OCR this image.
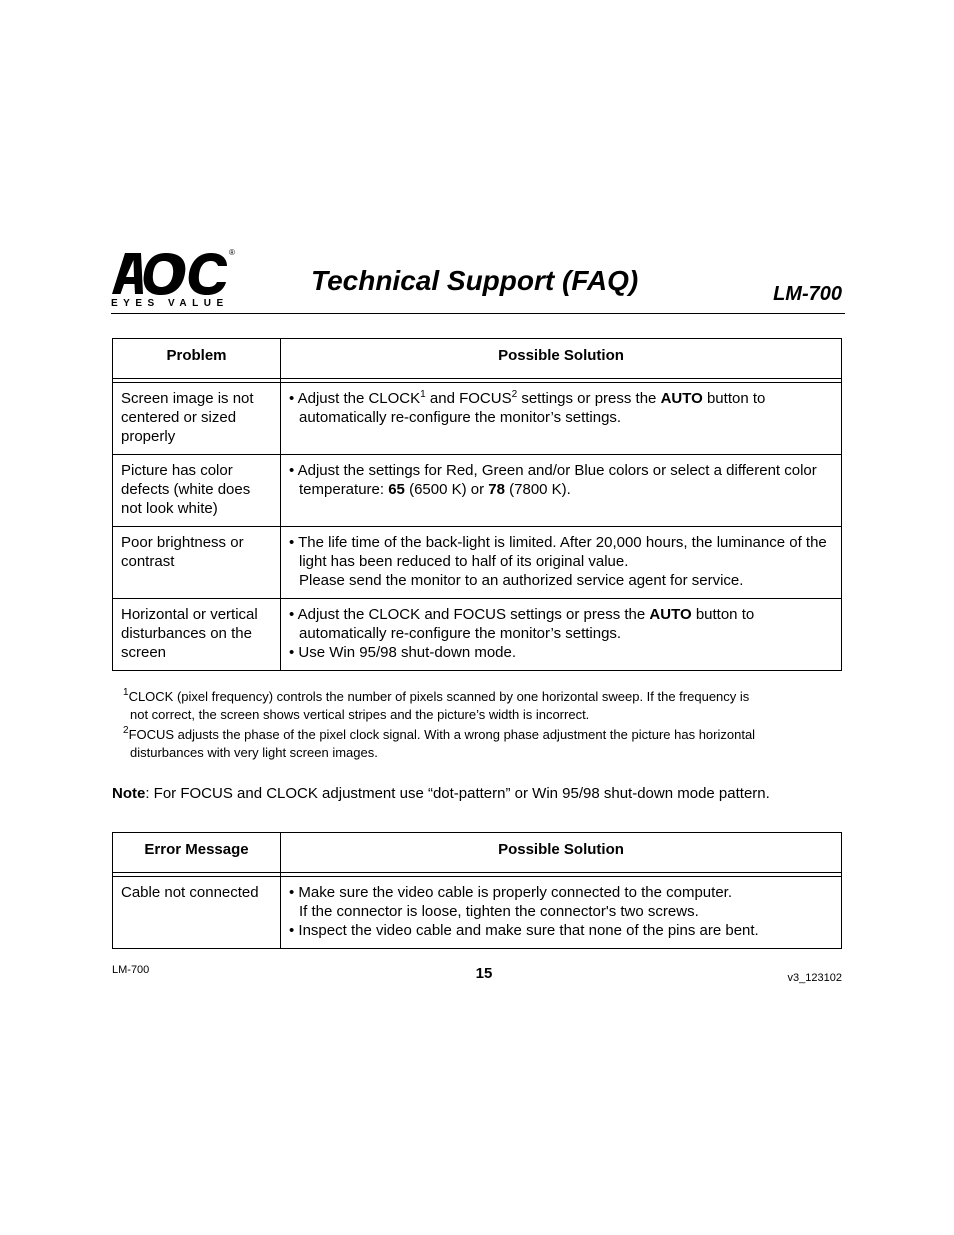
®
EYES VALUE
Technical Support (FAQ)	LM-700
Problem	Possible Solution

Screen image is not centered or sized properly	• Adjust the CLOCK$^1$ and FOCUS$^2$ settings or press the AUTO button to automatically re-configure the monitor’s settings.

Picture has color defects (white does not look white)	• Adjust the settings for Red, Green and/or Blue colors or select a different color temperature: 65 (6500 K) or 78 (7800 K).

Poor brightness or contrast	• The life time of the back-light is limited. After 20,000 hours, the luminance of the light has been reduced to half of its original value.

Please send the monitor to an authorized service agent for service.

Horizontal or vertical disturbances on the screen	• Adjust the CLOCK and FOCUS settings or press the AUTO button to automatically re-configure the monitor’s settings.

• Use Win 95/98 shut-down mode.

$^1$CLOCK (pixel frequency) controls the number of pixels scanned by one horizontal sweep. If the frequency is
not correct, the screen shows vertical stripes and the picture’s width is incorrect.

$^2$FOCUS adjusts the phase of the pixel clock signal. With a wrong phase adjustment the picture has horizontal
disturbances with very light screen images.

Note: For FOCUS and CLOCK adjustment use “dot-pattern” or Win 95/98 shut-down mode pattern.
Error Message	Possible Solution

Cable not connected	• Make sure the video cable is properly connected to the computer.

If the connector is loose, tighten the connector's two screws.

• Inspect the video cable and make sure that none of the pins are bent.

LM-700	15	v3_123102
